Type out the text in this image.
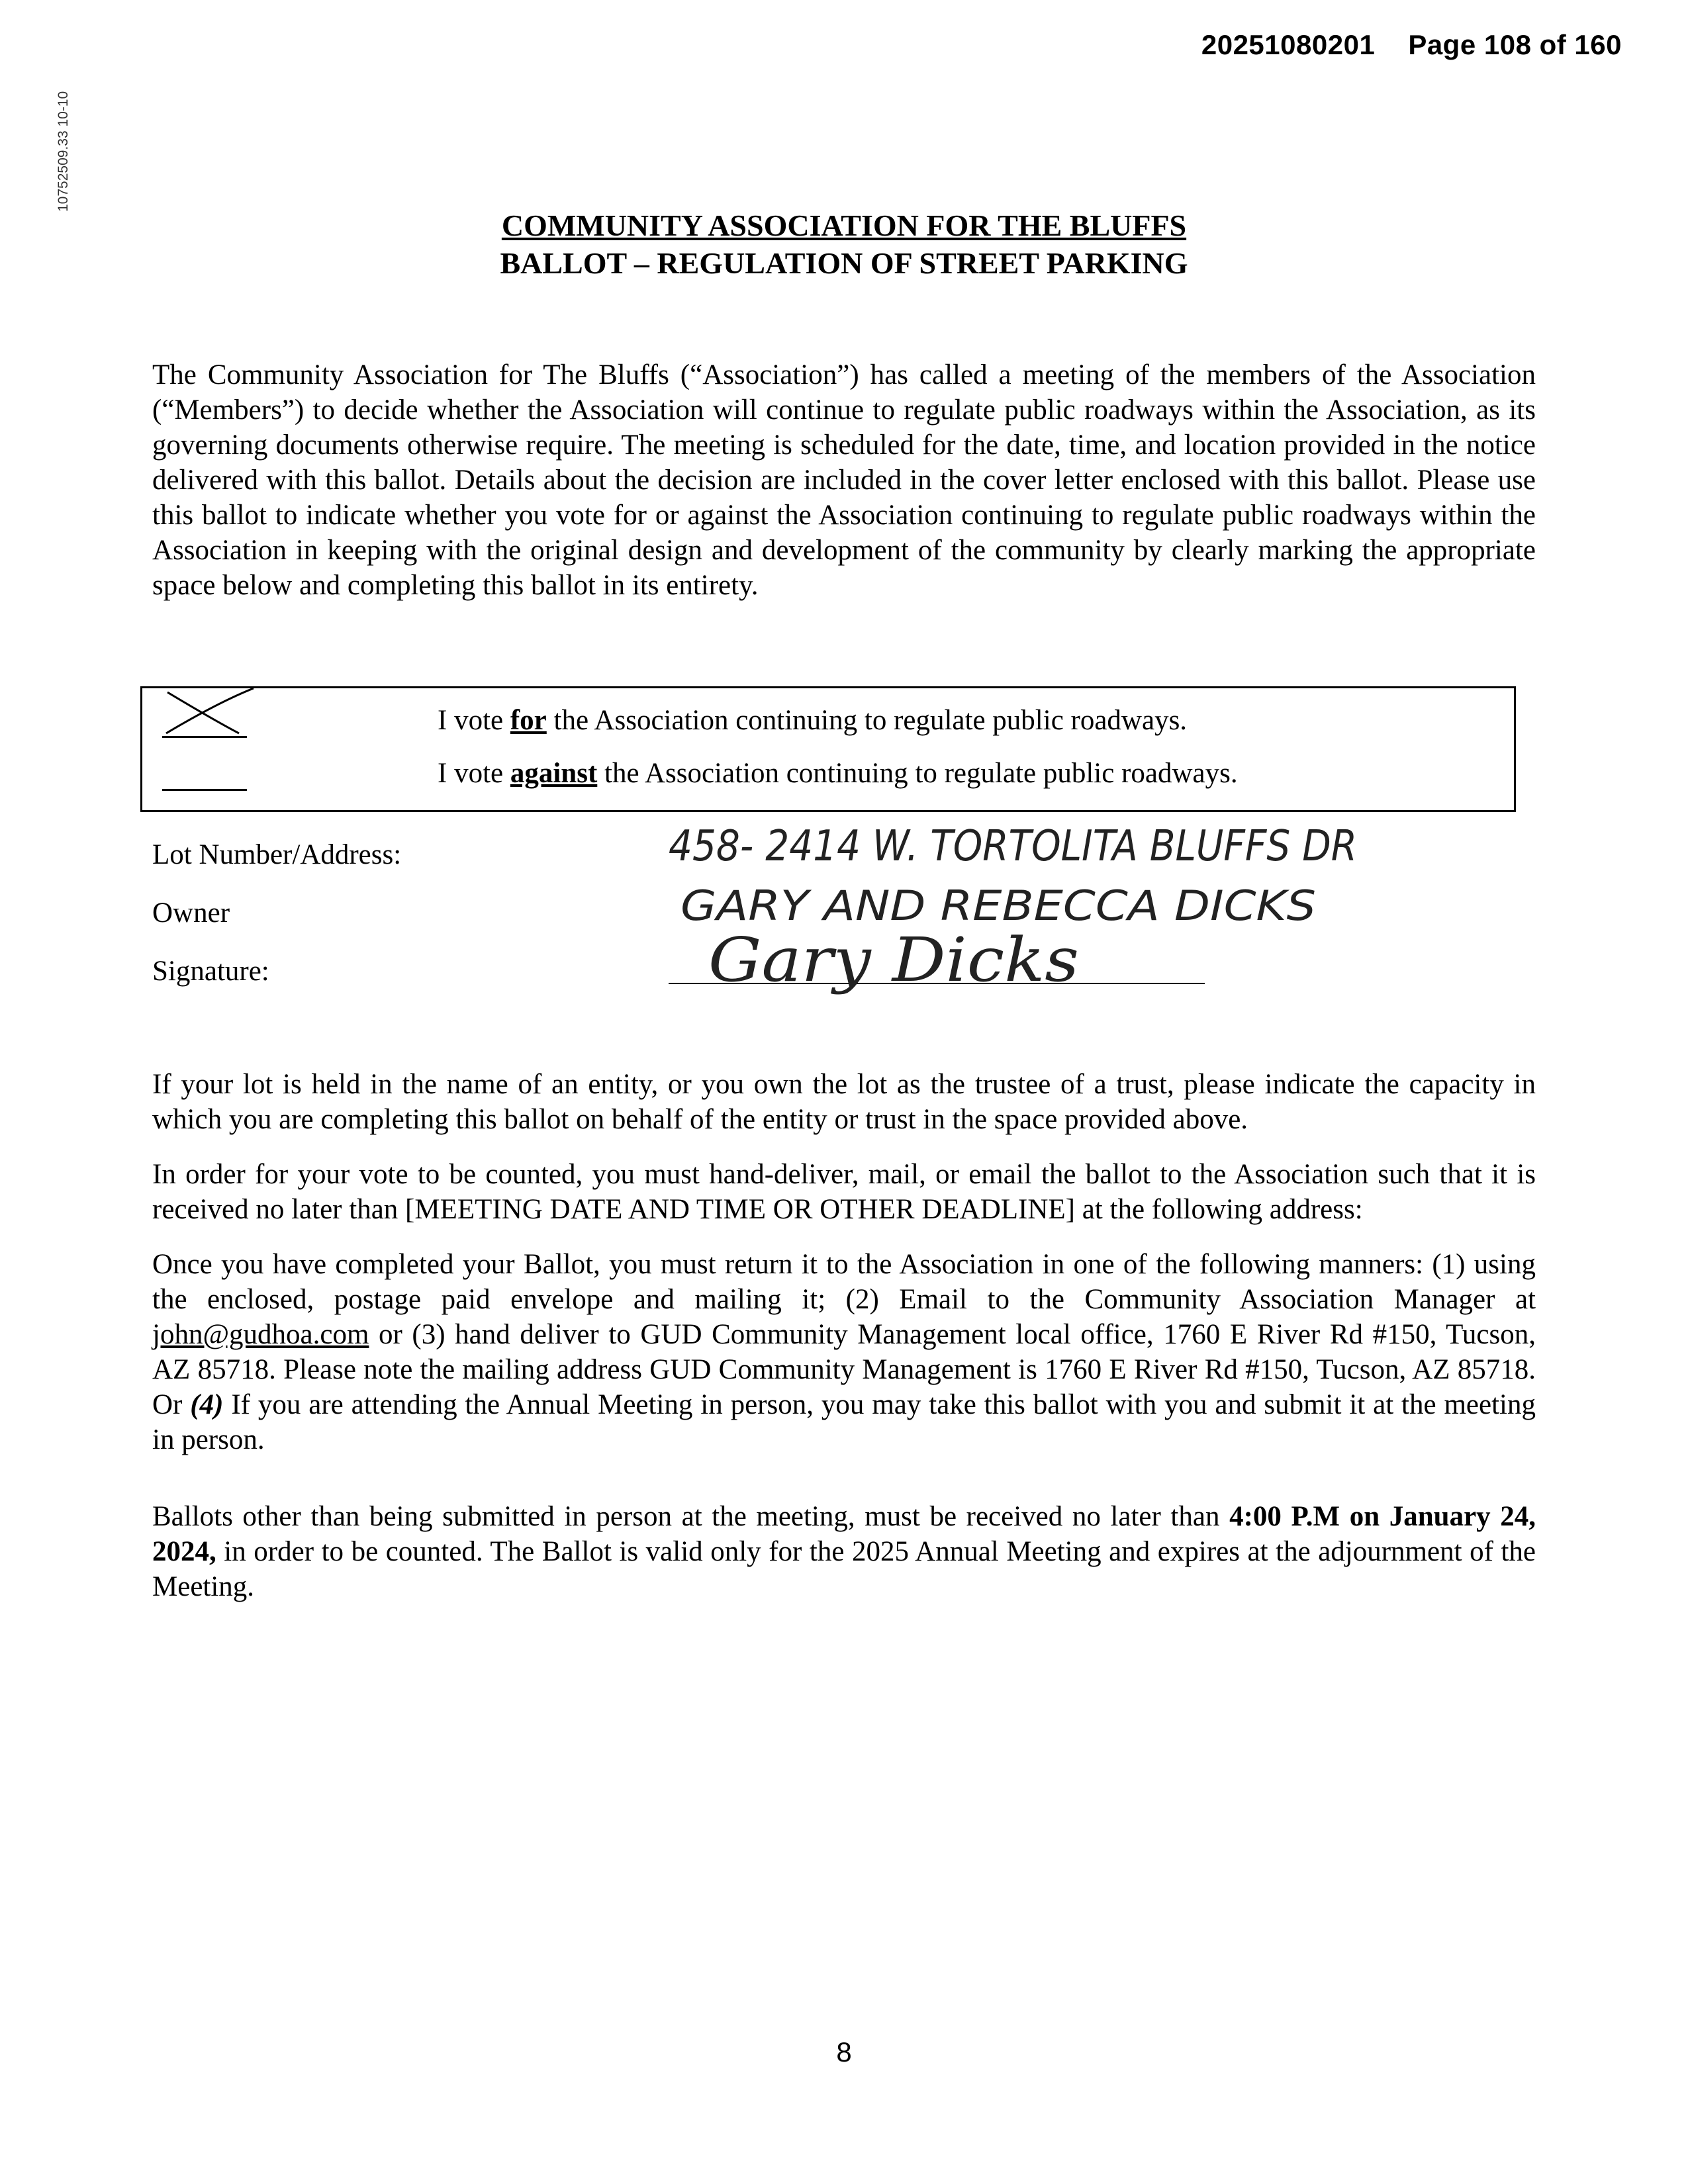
20251080201 Page 108 of 160
10752509.33 10-10
COMMUNITY ASSOCIATION FOR THE BLUFFS
BALLOT – REGULATION OF STREET PARKING
The Community Association for The Bluffs (“Association”) has called a meeting of the members of the Association (“Members”) to decide whether the Association will continue to regulate public roadways within the Association, as its governing documents otherwise require. The meeting is scheduled for the date, time, and location provided in the notice delivered with this ballot. Details about the decision are included in the cover letter enclosed with this ballot. Please use this ballot to indicate whether you vote for or against the Association continuing to regulate public roadways within the Association in keeping with the original design and development of the community by clearly marking the appropriate space below and completing this ballot in its entirety.
I vote for the Association continuing to regulate public roadways.
I vote against the Association continuing to regulate public roadways.
Lot Number/Address:	458- 2414 W. TORTOLITA BLUFFS DR
Owner	GARY AND REBECCA DICKS
Signature:	Gary Dicks
If your lot is held in the name of an entity, or you own the lot as the trustee of a trust, please indicate the capacity in which you are completing this ballot on behalf of the entity or trust in the space provided above.
In order for your vote to be counted, you must hand-deliver, mail, or email the ballot to the Association such that it is received no later than [MEETING DATE AND TIME OR OTHER DEADLINE] at the following address:
Once you have completed your Ballot, you must return it to the Association in one of the following manners: (1) using the enclosed, postage paid envelope and mailing it; (2) Email to the Community Association Manager at john@gudhoa.com or (3) hand deliver to GUD Community Management local office, 1760 E River Rd #150, Tucson, AZ 85718. Please note the mailing address GUD Community Management is 1760 E River Rd #150, Tucson, AZ 85718. Or (4) If you are attending the Annual Meeting in person, you may take this ballot with you and submit it at the meeting in person.
Ballots other than being submitted in person at the meeting, must be received no later than 4:00 P.M on January 24, 2024, in order to be counted. The Ballot is valid only for the 2025 Annual Meeting and expires at the adjournment of the Meeting.
8
